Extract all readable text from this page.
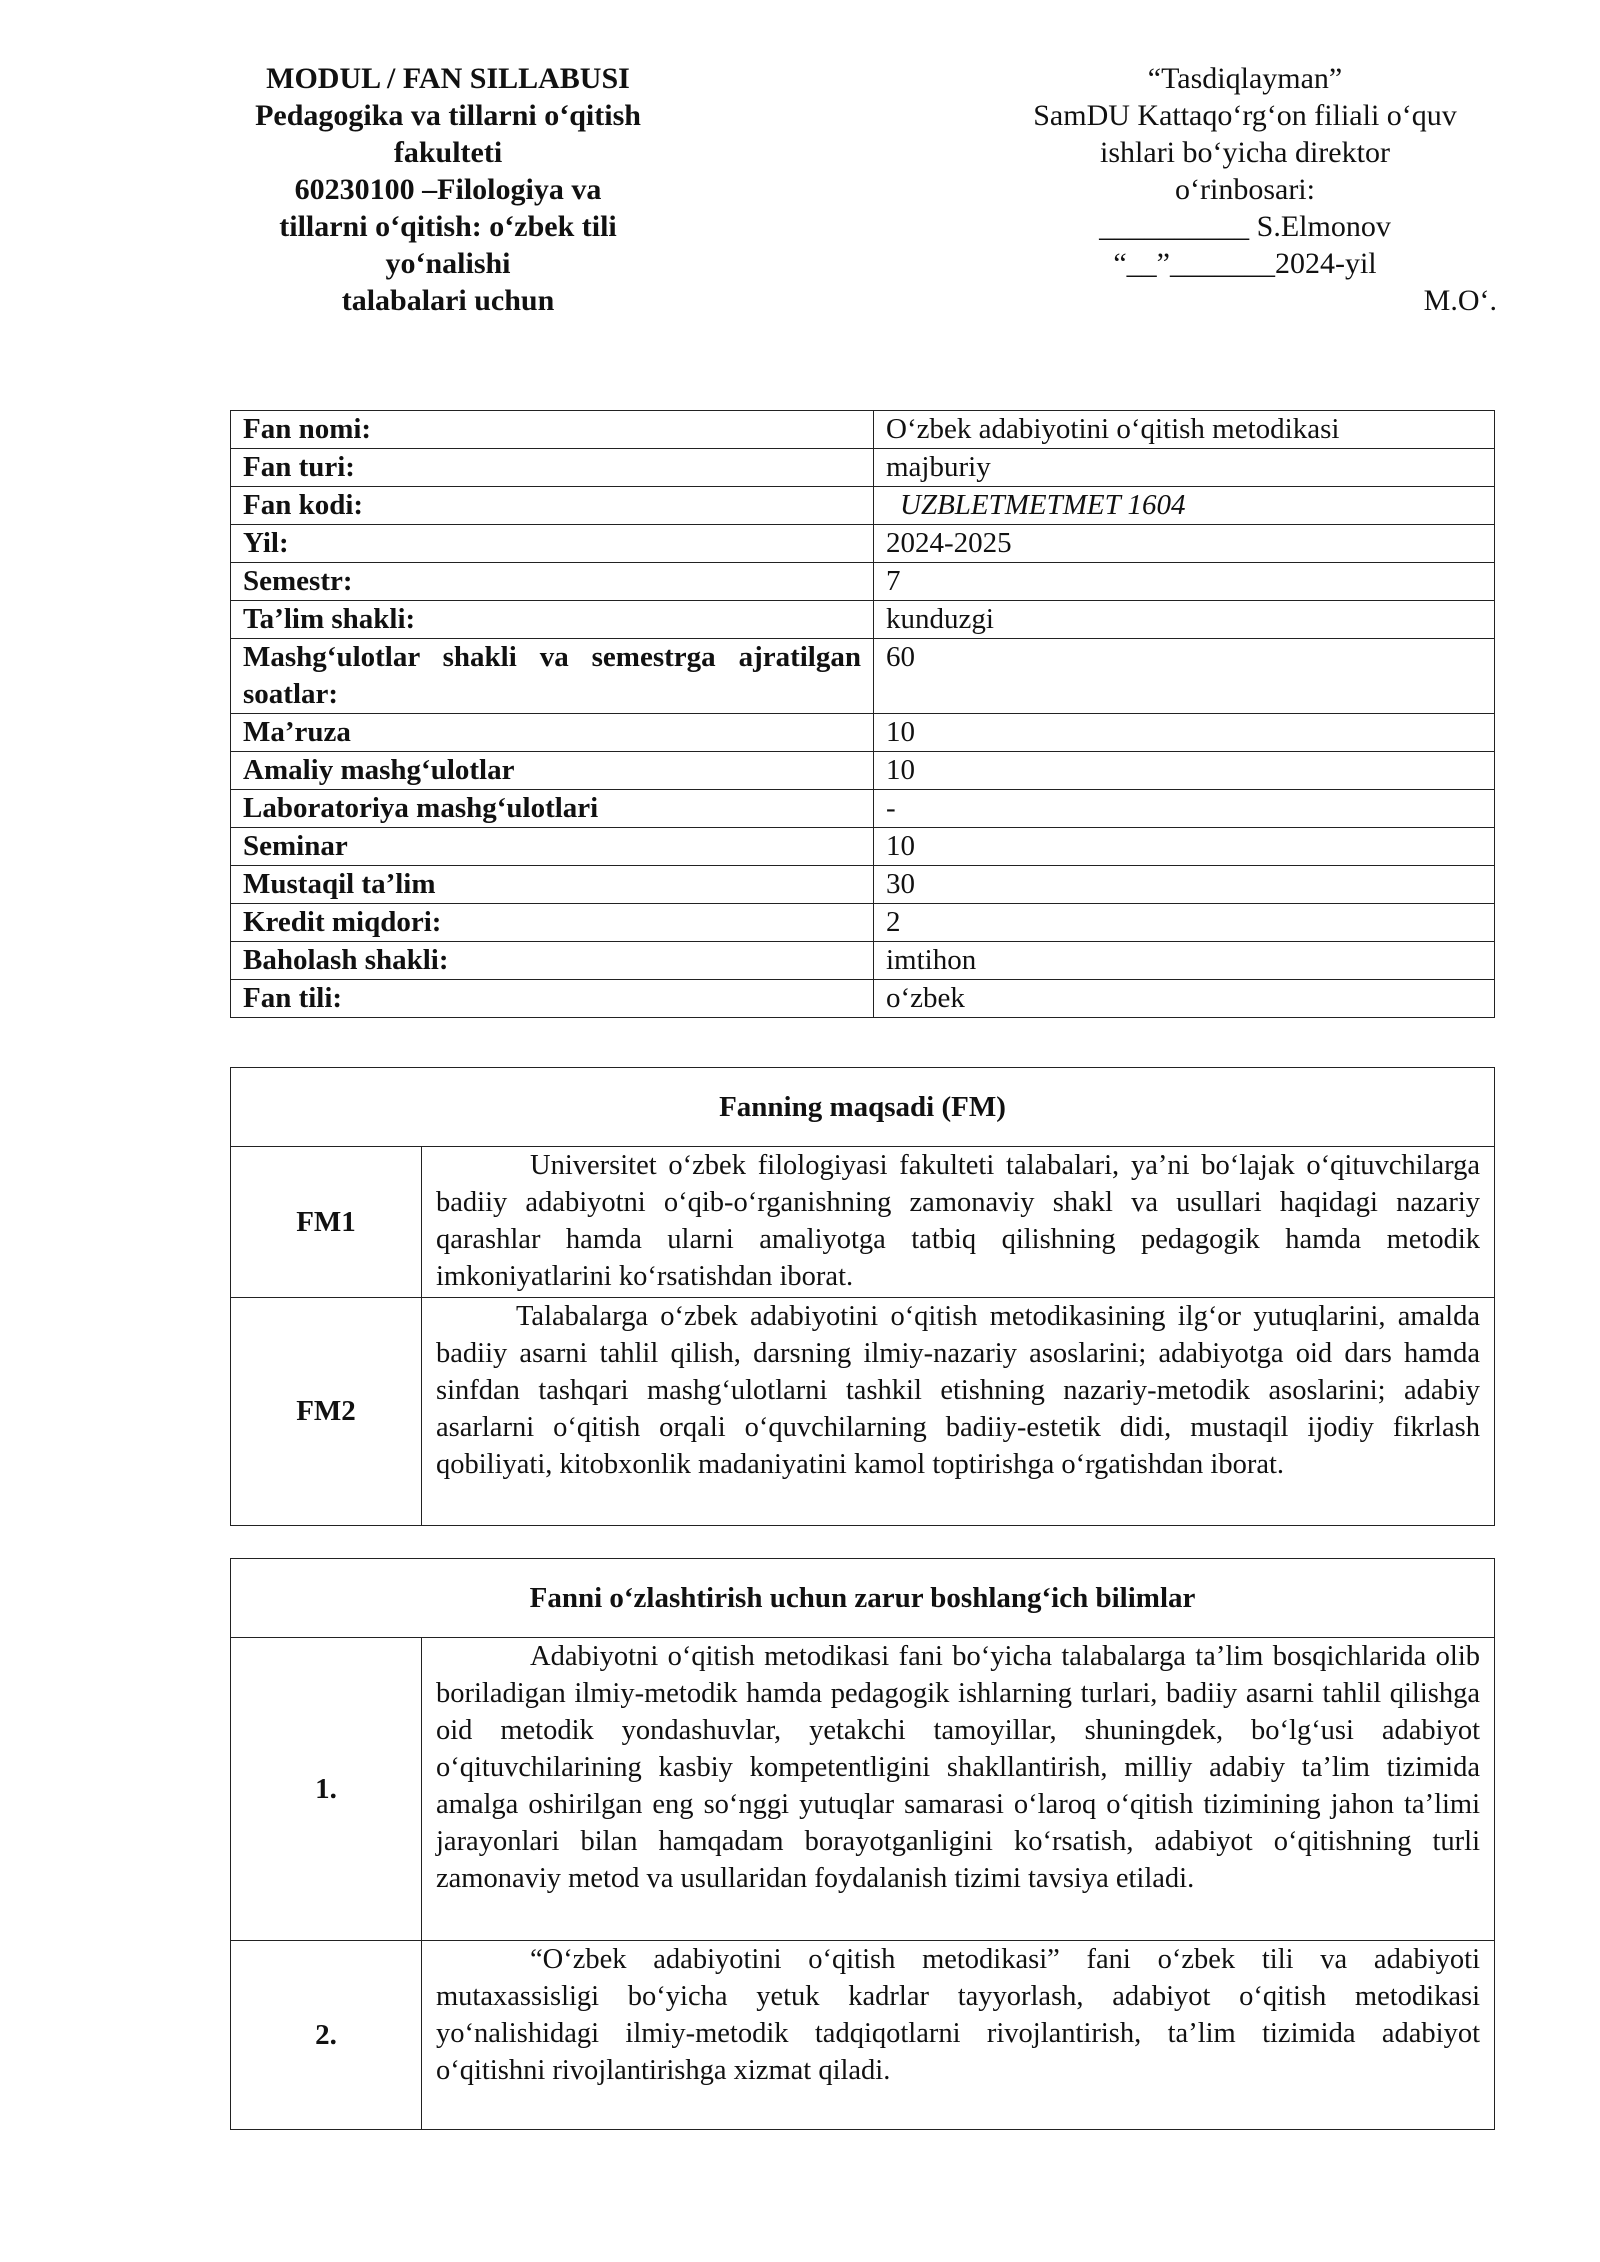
MODUL / FAN SILLABUSI
Pedagogika va tillarni o‘qitish
fakulteti
60230100 –Filologiya va
tillarni o‘qitish: o‘zbek tili
yo‘nalishi
talabalari uchun
“Tasdiqlayman”
SamDU Kattaqo‘rg‘on filiali o‘quv
ishlari bo‘yicha direktor
o‘rinbosari:
__________ S.Elmonov
“__”_______2024-yil
M.O‘.
Fan nomi:	O‘zbek adabiyotini o‘qitish metodikasi
Fan turi:	majburiy
Fan kodi:	UZBLETMETMET 1604
Yil:	2024-2025
Semestr:	7
Ta’lim shakli:	kunduzgi
Mashg‘ulotlar shakli va semestrga ajratilgan soatlar:	60
Ma’ruza	10
Amaliy mashg‘ulotlar	10
Laboratoriya mashg‘ulotlari	-
Seminar	10
Mustaqil ta’lim	30
Kredit miqdori:	2
Baholash shakli:	imtihon
Fan tili:	o‘zbek
Fanning maqsadi (FM)	
FM1	Universitet o‘zbek filologiyasi fakulteti talabalari, ya’ni bo‘lajak o‘qituvchilarga badiiy adabiyotni o‘qib-o‘rganishning zamonaviy shakl va usullari haqidagi nazariy qarashlar hamda ularni amaliyotga tatbiq qilishning pedagogik hamda metodik imkoniyatlarini ko‘rsatishdan iborat.
FM2	Talabalarga o‘zbek adabiyotini o‘qitish metodikasining ilg‘or yutuqlarini, amalda badiiy asarni tahlil qilish, darsning ilmiy-nazariy asoslarini; adabiyotga oid dars hamda sinfdan tashqari mashg‘ulotlarni tashkil etishning nazariy-metodik asoslarini; adabiy asarlarni o‘qitish orqali o‘quvchilarning badiiy-estetik didi, mustaqil ijodiy fikrlash qobiliyati, kitobxonlik madaniyatini kamol toptirishga o‘rgatishdan iborat.
Fanni o‘zlashtirish uchun zarur boshlang‘ich bilimlar	
1.	Adabiyotni o‘qitish metodikasi fani bo‘yicha talabalarga ta’lim bosqichlarida olib boriladigan ilmiy-metodik hamda pedagogik ishlarning turlari, badiiy asarni tahlil qilishga oid metodik yondashuvlar, yetakchi tamoyillar, shuningdek, bo‘lg‘usi adabiyot o‘qituvchilarining kasbiy kompetentligini shakllantirish, milliy adabiy ta’lim tizimida amalga oshirilgan eng so‘nggi yutuqlar samarasi o‘laroq o‘qitish tizimining jahon ta’limi jarayonlari bilan hamqadam borayotganligini ko‘rsatish, adabiyot o‘qitishning turli zamonaviy metod va usullaridan foydalanish tizimi tavsiya etiladi.
2.	“O‘zbek adabiyotini o‘qitish metodikasi” fani o‘zbek tili va adabiyoti mutaxassisligi bo‘yicha yetuk kadrlar tayyorlash, adabiyot o‘qitish metodikasi yo‘nalishidagi ilmiy-metodik tadqiqotlarni rivojlantirish, ta’lim tizimida adabiyot o‘qitishni rivojlantirishga xizmat qiladi.
